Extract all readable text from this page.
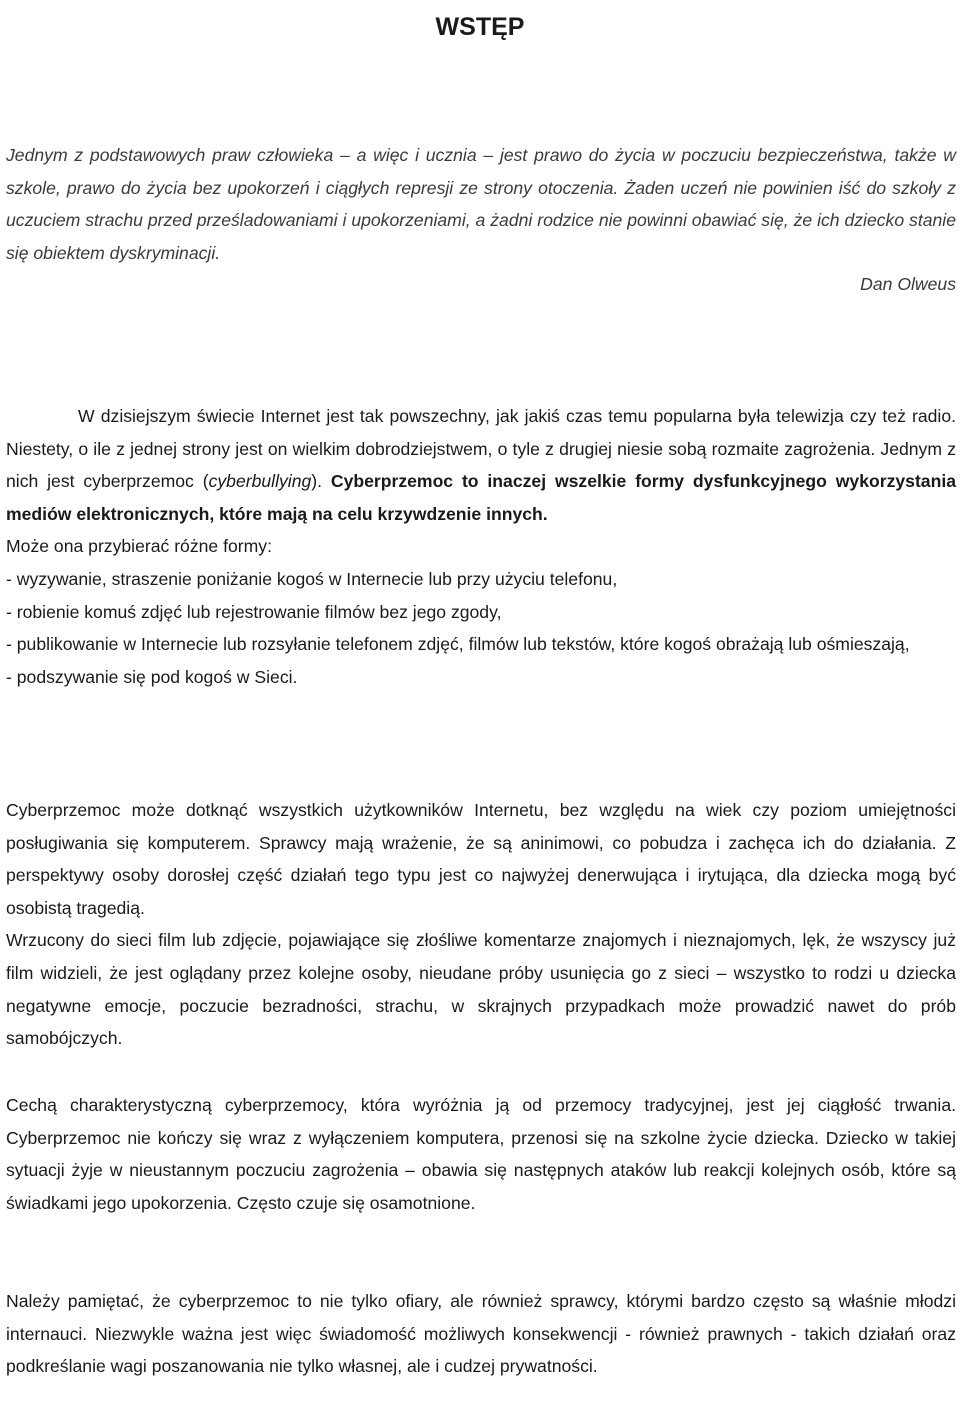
WSTĘP

Jednym z podstawowych praw człowieka – a więc i ucznia – jest prawo do życia w poczuciu bezpieczeństwa, także w szkole, prawo do życia bez upokorzeń i ciągłych represji ze strony otoczenia. Żaden uczeń nie powinien iść do szkoły z uczuciem strachu przed prześladowaniami i upokorzeniami, a żadni rodzice nie powinni obawiać się, że ich dziecko stanie się obiektem dyskryminacji.

Dan Olweus
W dzisiejszym świecie Internet jest tak powszechny, jak jakiś czas temu popularna była telewizja czy też radio. Niestety, o ile z jednej strony jest on wielkim dobrodziejstwem, o tyle z drugiej niesie sobą rozmaite zagrożenia. Jednym z nich jest cyberprzemoc (cyberbullying). Cyberprzemoc to inaczej wszelkie formy dysfunkcyjnego wykorzystania mediów elektronicznych, które mają na celu krzywdzenie innych.
Może ona przybierać różne formy:
- wyzywanie, straszenie poniżanie kogoś w Internecie lub przy użyciu telefonu,
- robienie komuś zdjęć lub rejestrowanie filmów bez jego zgody,
- publikowanie w Internecie lub rozsyłanie telefonem zdjęć, filmów lub tekstów, które kogoś obrażają lub ośmieszają,
- podszywanie się pod kogoś w Sieci.

Cyberprzemoc może dotknąć wszystkich użytkowników Internetu, bez względu na wiek czy poziom umiejętności posługiwania się komputerem. Sprawcy mają wrażenie, że są aninimowi, co pobudza i zachęca ich do działania. Z perspektywy osoby dorosłej część działań tego typu jest co najwyżej denerwująca i irytująca, dla dziecka mogą być osobistą tragedią.
Wrzucony do sieci film lub zdjęcie, pojawiające się złośliwe komentarze znajomych i nieznajomych, lęk, że wszyscy już film widzieli, że jest oglądany przez kolejne osoby, nieudane próby usunięcia go z sieci – wszystko to rodzi u dziecka negatywne emocje, poczucie bezradności, strachu, w skrajnych przypadkach może prowadzić nawet do prób samobójczych.

Cechą charakterystyczną cyberprzemocy, która wyróżnia ją od przemocy tradycyjnej, jest jej ciągłość trwania. Cyberprzemoc nie kończy się wraz z wyłączeniem komputera, przenosi się na szkolne życie dziecka. Dziecko w takiej sytuacji żyje w nieustannym poczuciu zagrożenia – obawia się następnych ataków lub reakcji kolejnych osób, które są świadkami jego upokorzenia. Często czuje się osamotnione.

Należy pamiętać, że cyberprzemoc to nie tylko ofiary, ale również sprawcy, którymi bardzo często są właśnie młodzi internauci. Niezwykle ważna jest więc świadomość możliwych konsekwencji - również prawnych - takich działań oraz podkreślanie wagi poszanowania nie tylko własnej, ale i cudzej prywatności.
